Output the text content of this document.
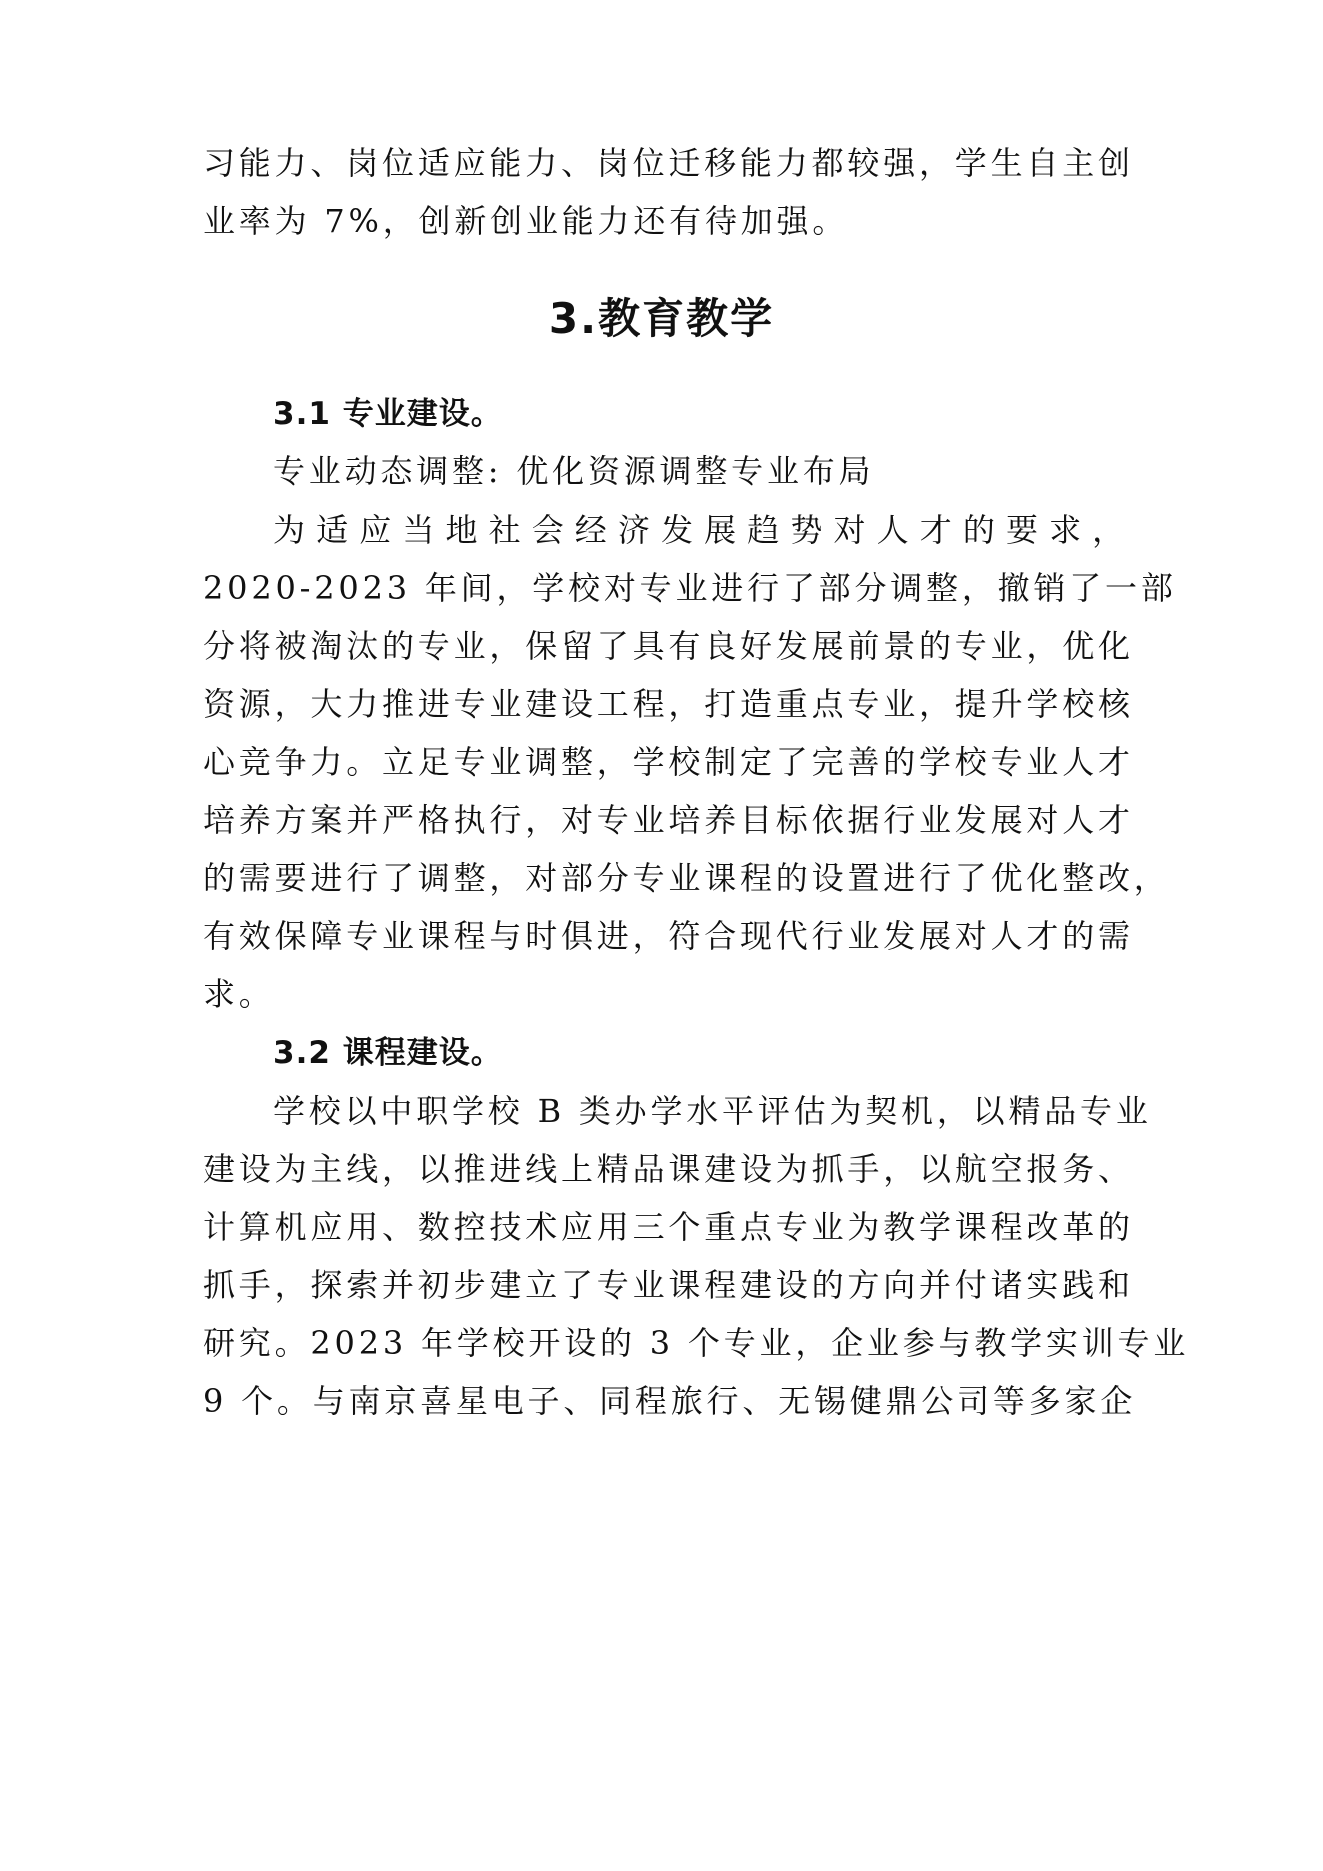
习能力、岗位适应能力、岗位迁移能力都较强，学生自主创
业率为 7%，创新创业能力还有待加强。
3.教育教学
3.1 专业建设。
专业动态调整: 优化资源调整专业布局
为适应当地社会经济发展趋势对人才的要求，
2020-2023 年间，学校对专业进行了部分调整，撤销了一部
分将被淘汰的专业，保留了具有良好发展前景的专业，优化
资源，大力推进专业建设工程，打造重点专业，提升学校核
心竞争力。立足专业调整，学校制定了完善的学校专业人才
培养方案并严格执行，对专业培养目标依据行业发展对人才
的需要进行了调整，对部分专业课程的设置进行了优化整改，
有效保障专业课程与时俱进，符合现代行业发展对人才的需
求。
3.2 课程建设。
学校以中职学校 B 类办学水平评估为契机，以精品专业
建设为主线，以推进线上精品课建设为抓手，以航空报务、
计算机应用、数控技术应用三个重点专业为教学课程改革的
抓手，探索并初步建立了专业课程建设的方向并付诸实践和
研究。2023 年学校开设的 3 个专业，企业参与教学实训专业
9 个。与南京喜星电子、同程旅行、无锡健鼎公司等多家企
